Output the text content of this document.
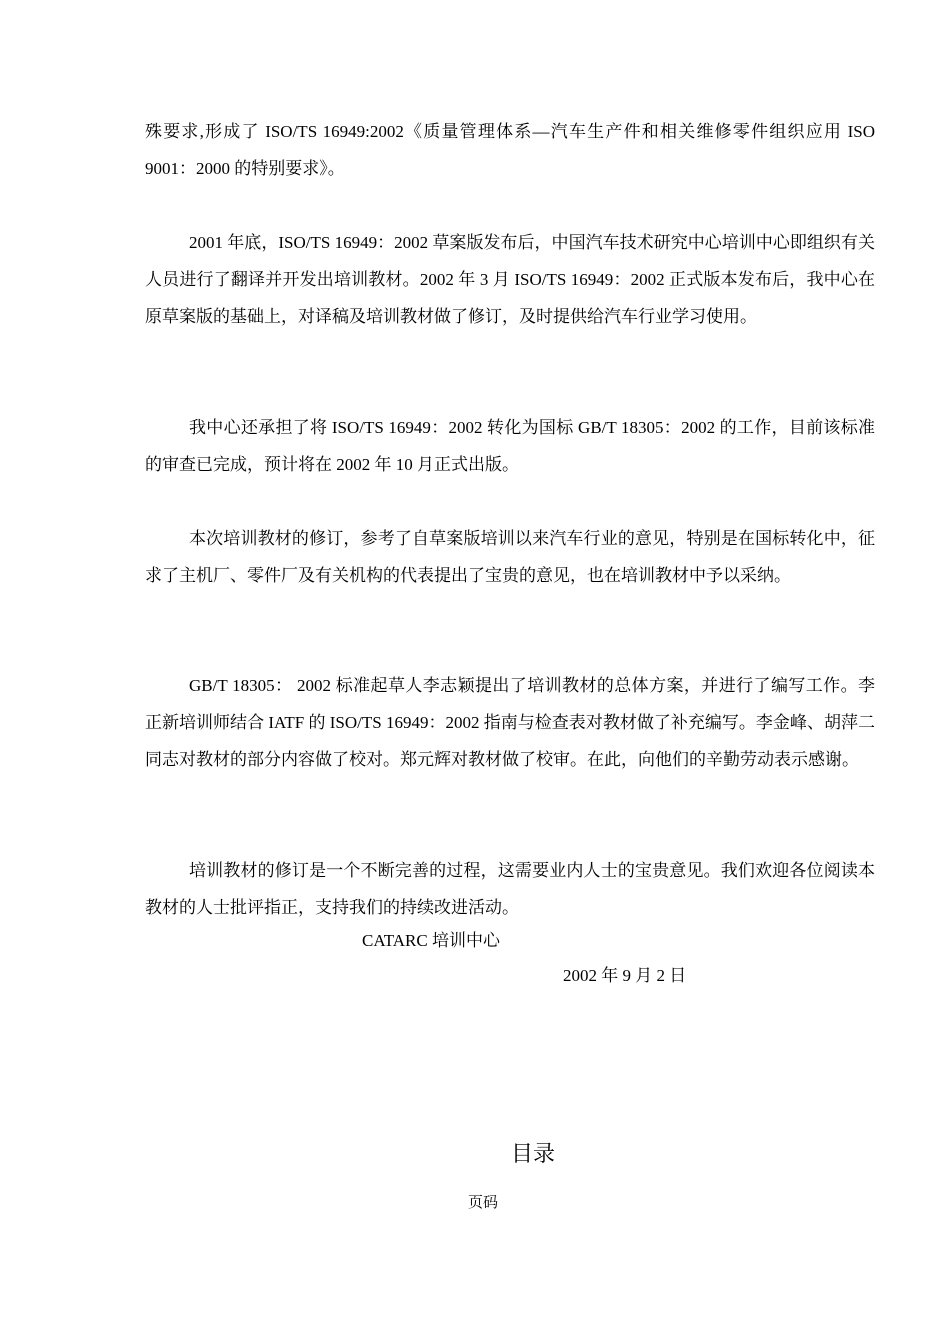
殊要求,形成了 ISO/TS 16949:2002《质量管理体系—汽车生产件和相关维修零件组织应用 ISO 9001：2000 的特别要求》。

2001 年底，ISO/TS 16949：2002 草案版发布后，中国汽车技术研究中心培训中心即组织有关人员进行了翻译并开发出培训教材。2002 年 3 月 ISO/TS 16949：2002 正式版本发布后，我中心在原草案版的基础上，对译稿及培训教材做了修订，及时提供给汽车行业学习使用。

我中心还承担了将 ISO/TS 16949：2002 转化为国标 GB/T 18305：2002 的工作，目前该标准的审查已完成，预计将在 2002 年 10 月正式出版。

本次培训教材的修订，参考了自草案版培训以来汽车行业的意见，特别是在国标转化中，征求了主机厂、零件厂及有关机构的代表提出了宝贵的意见，也在培训教材中予以采纳。

GB/T 18305： 2002 标准起草人李志颖提出了培训教材的总体方案，并进行了编写工作。李正新培训师结合 IATF 的 ISO/TS 16949：2002 指南与检查表对教材做了补充编写。李金峰、胡萍二同志对教材的部分内容做了校对。郑元辉对教材做了校审。在此，向他们的辛勤劳动表示感谢。

培训教材的修订是一个不断完善的过程，这需要业内人士的宝贵意见。我们欢迎各位阅读本教材的人士批评指正，支持我们的持续改进活动。

CATARC 培训中心
2002 年 9 月 2 日
目录
页码
